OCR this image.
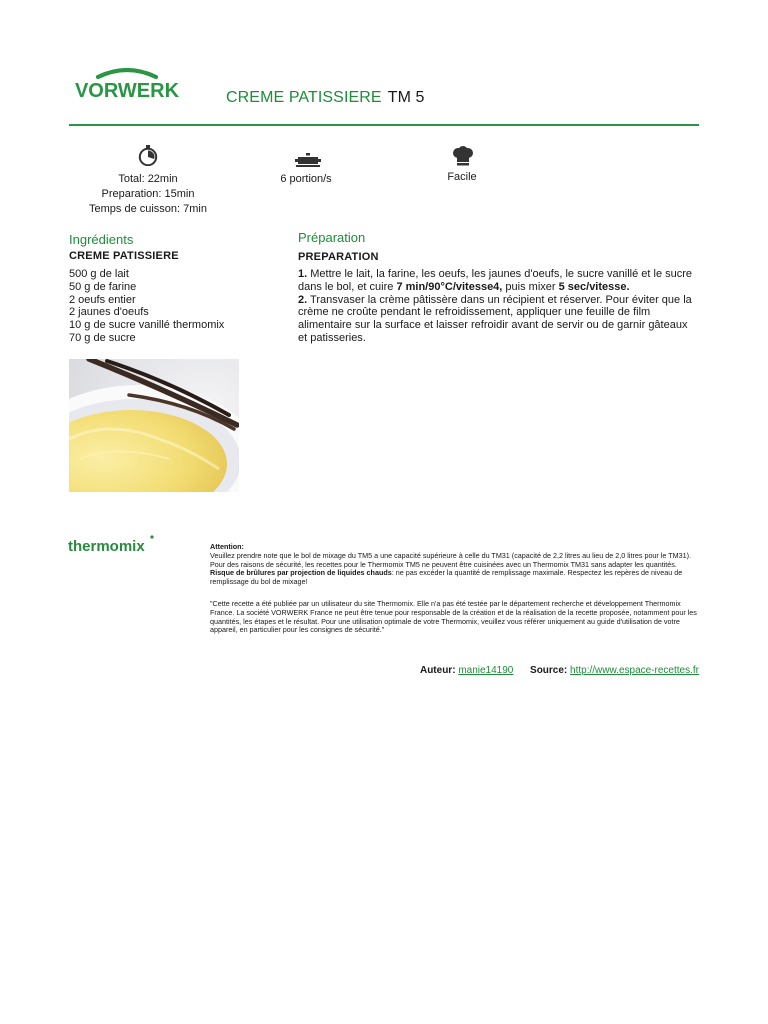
VORWERK	CREME PATISSIERE TM 5
Total: 22min
Preparation: 15min
Temps de cuisson: 7min
6 portion/s	Facile
Ingrédients
CREME PATISSIERE
500 g de lait
50 g de farine
2 oeufs entier
2 jaunes d'oeufs
10 g de sucre vanillé thermomix
70 g de sucre
Préparation
PREPARATION
1. Mettre le lait, la farine, les oeufs, les jaunes d'oeufs, le sucre vanillé et le sucre dans le bol, et cuire 7 min/90°C/vitesse4, puis mixer 5 sec/vitesse.
2. Transvaser la crème pâtissère dans un récipient et réserver. Pour éviter que la crème ne croûte pendant le refroidissement, appliquer une feuille de film alimentaire sur la surface et laisser refroidir avant de servir ou de garnir gâteaux et patisseries.
thermomix	Attention:
Veuillez prendre note que le bol de mixage du TM5 a une capacité supérieure à celle du TM31 (capacité de 2,2 litres au lieu de 2,0 litres pour le TM31). Pour des raisons de sécurité, les recettes pour le Thermomix TM5 ne peuvent être cuisinées avec un Thermomix TM31 sans adapter les quantités. Risque de brûlures par projection de liquides chauds: ne pas excéder la quantité de remplissage maximale. Respectez les repères de niveau de remplissage du bol de mixage!
"Cette recette a été publiée par un utilisateur du site Thermomix. Elle n'a pas été testée par le département recherche et développement Thermomix France. La société VORWERK France ne peut être tenue pour responsable de la création et de la réalisation de la recette proposée, notamment pour les quantités, les étapes et le résultat. Pour une utilisation optimale de votre Thermomix, veuillez vous référer uniquement au guide d'utilisation de votre appareil, en particulier pour les consignes de sécurité."
Auteur: manie14190 Source: http://www.espace-recettes.fr
